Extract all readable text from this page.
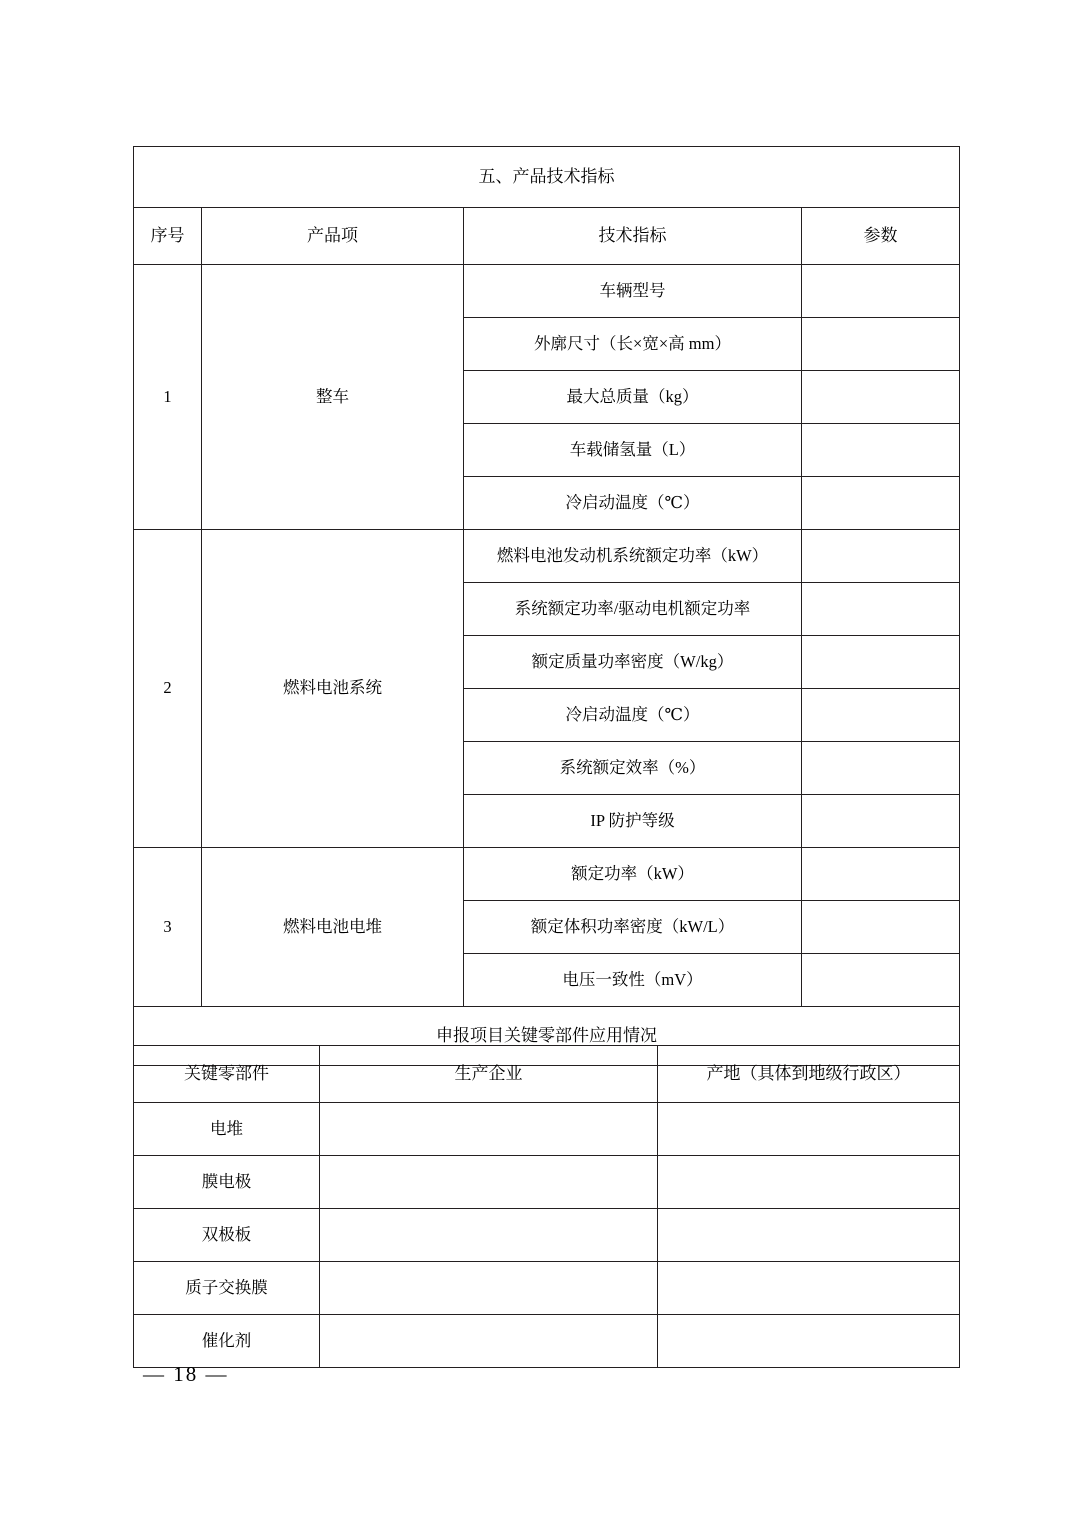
五、产品技术指标			
序号	产品项	技术指标	参数
1	整车	车辆型号	
		外廓尺寸（长×宽×高 mm）	
		最大总质量（kg）	
		车载储氢量（L）	
		冷启动温度（℃）	
2	燃料电池系统	燃料电池发动机系统额定功率（kW）	
		系统额定功率/驱动电机额定功率	
		额定质量功率密度（W/kg）	
		冷启动温度（℃）	
		系统额定效率（%）	
		IP 防护等级	
3	燃料电池电堆	额定功率（kW）	
		额定体积功率密度（kW/L）	
		电压一致性（mV）	
申报项目关键零部件应用情况			
关键零部件	生产企业	产地（具体到地级行政区）
电堆		
膜电极		
双极板		
质子交换膜		
催化剂		
— 18 —
